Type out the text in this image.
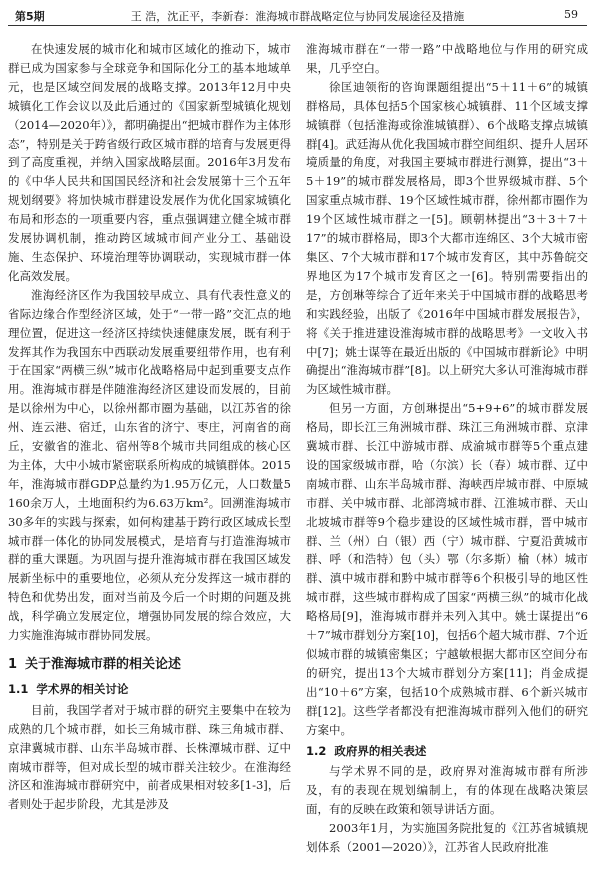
第5期	王 浩，沈正平，李新春：淮海城市群战略定位与协同发展途径及措施	59

在快速发展的城市化和城市区域化的推动下，城市群已成为国家参与全球竞争和国际化分工的基本地域单元，也是区域空间发展的战略支撑。2013年12月中央城镇化工作会议以及此后通过的《国家新型城镇化规划（2014—2020年）》，都明确提出“把城市群作为主体形态”，特别是关于跨省级行政区城市群的培育与发展更得到了高度重视，并纳入国家战略层面。2016年3月发布的《中华人民共和国国民经济和社会发展第十三个五年规划纲要》将加快城市群建设发展作为优化国家城镇化布局和形态的一项重要内容，重点强调建立健全城市群发展协调机制，推动跨区域城市间产业分工、基础设施、生态保护、环境治理等协调联动，实现城市群一体化高效发展。

淮海经济区作为我国较早成立、具有代表性意义的省际边缘合作型经济区域，处于“一带一路”交汇点的地理位置，促进这一经济区持续快速健康发展，既有利于发挥其作为我国东中西联动发展重要纽带作用，也有利于在国家“两横三纵”城市化战略格局中起到重要支点作用。淮海城市群是伴随淮海经济区建设而发展的，目前是以徐州为中心，以徐州都市圈为基础，以江苏省的徐州、连云港、宿迁，山东省的济宁、枣庄，河南省的商丘，安徽省的淮北、宿州等8个城市共同组成的核心区为主体，大中小城市紧密联系所构成的城镇群体。2015年，淮海城市群GDP总量约为1.95万亿元，人口数量5 160余万人，土地面积约为6.63万km²。回溯淮海城市30多年的实践与探索，如何构建基于跨行政区域成长型城市群一体化的协同发展模式，是培育与打造淮海城市群的重大课题。为巩固与提升淮海城市群在我国区域发展新坐标中的重要地位，必须从充分发挥这一城市群的特色和优势出发，面对当前及今后一个时期的问题及挑战，科学确立发展定位，增强协同发展的综合效应，大力实施淮海城市群协同发展。

1 关于淮海城市群的相关论述
1.1 学术界的相关讨论

目前，我国学者对于城市群的研究主要集中在较为成熟的几个城市群，如长三角城市群、珠三角城市群、京津冀城市群、山东半岛城市群、长株潭城市群、辽中南城市群等，但对成长型的城市群关注较少。在淮海经济区和淮海城市群研究中，前者成果相对较多[1-3]，后者则处于起步阶段，尤其是涉及

淮海城市群在“一带一路”中战略地位与作用的研究成果，几乎空白。

徐匡迪领衔的咨询课题组提出“5＋11＋6”的城镇群格局，具体包括5个国家核心城镇群、11个区域支撑城镇群（包括淮海或徐淮城镇群）、6个战略支撑点城镇群[4]。武廷海从优化我国城市群空间组织、提升人居环境质量的角度，对我国主要城市群进行测算，提出“3＋5＋19”的城市群发展格局，即3个世界级城市群、5个国家重点城市群、19个区域性城市群，徐州都市圈作为19个区域性城市群之一[5]。顾朝林提出“3＋3＋7＋17”的城市群格局，即3个大都市连绵区、3个大城市密集区、7个大城市群和17个城市发育区，其中苏鲁皖交界地区为17个城市发育区之一[6]。特别需要指出的是，方创琳等综合了近年来关于中国城市群的战略思考和实践经验，出版了《2016年中国城市群发展报告》，将《关于推进建设淮海城市群的战略思考》一文收入书中[7]；姚士谋等在最近出版的《中国城市群新论》中明确提出“淮海城市群”[8]。以上研究大多认可淮海城市群为区域性城市群。

但另一方面，方创琳提出“5+9+6”的城市群发展格局，即长江三角洲城市群、珠江三角洲城市群、京津冀城市群、长江中游城市群、成渝城市群等5个重点建设的国家级城市群，哈（尔滨）长（春）城市群、辽中南城市群、山东半岛城市群、海峡西岸城市群、中原城市群、关中城市群、北部湾城市群、江淮城市群、天山北坡城市群等9个稳步建设的区域性城市群，晋中城市群、兰（州）白（银）西（宁）城市群、宁夏沿黄城市群、呼（和浩特）包（头）鄂（尔多斯）榆（林）城市群、滇中城市群和黔中城市群等6个积极引导的地区性城市群，这些城市群构成了国家“两横三纵”的城市化战略格局[9]，淮海城市群并未列入其中。姚士谋提出“6＋7”城市群划分方案[10]，包括6个超大城市群、7个近似城市群的城镇密集区；宁越敏根据大都市区空间分布的研究，提出13个大城市群划分方案[11]；肖金成提出“10＋6”方案，包括10个成熟城市群、6个新兴城市群[12]。这些学者都没有把淮海城市群列入他们的研究方案中。

1.2 政府界的相关表述

与学术界不同的是，政府界对淮海城市群有所涉及，有的表现在规划编制上，有的体现在战略决策层面，有的反映在政策和领导讲话方面。

2003年1月，为实施国务院批复的《江苏省城镇规划体系（2001—2020）》，江苏省人民政府批准
